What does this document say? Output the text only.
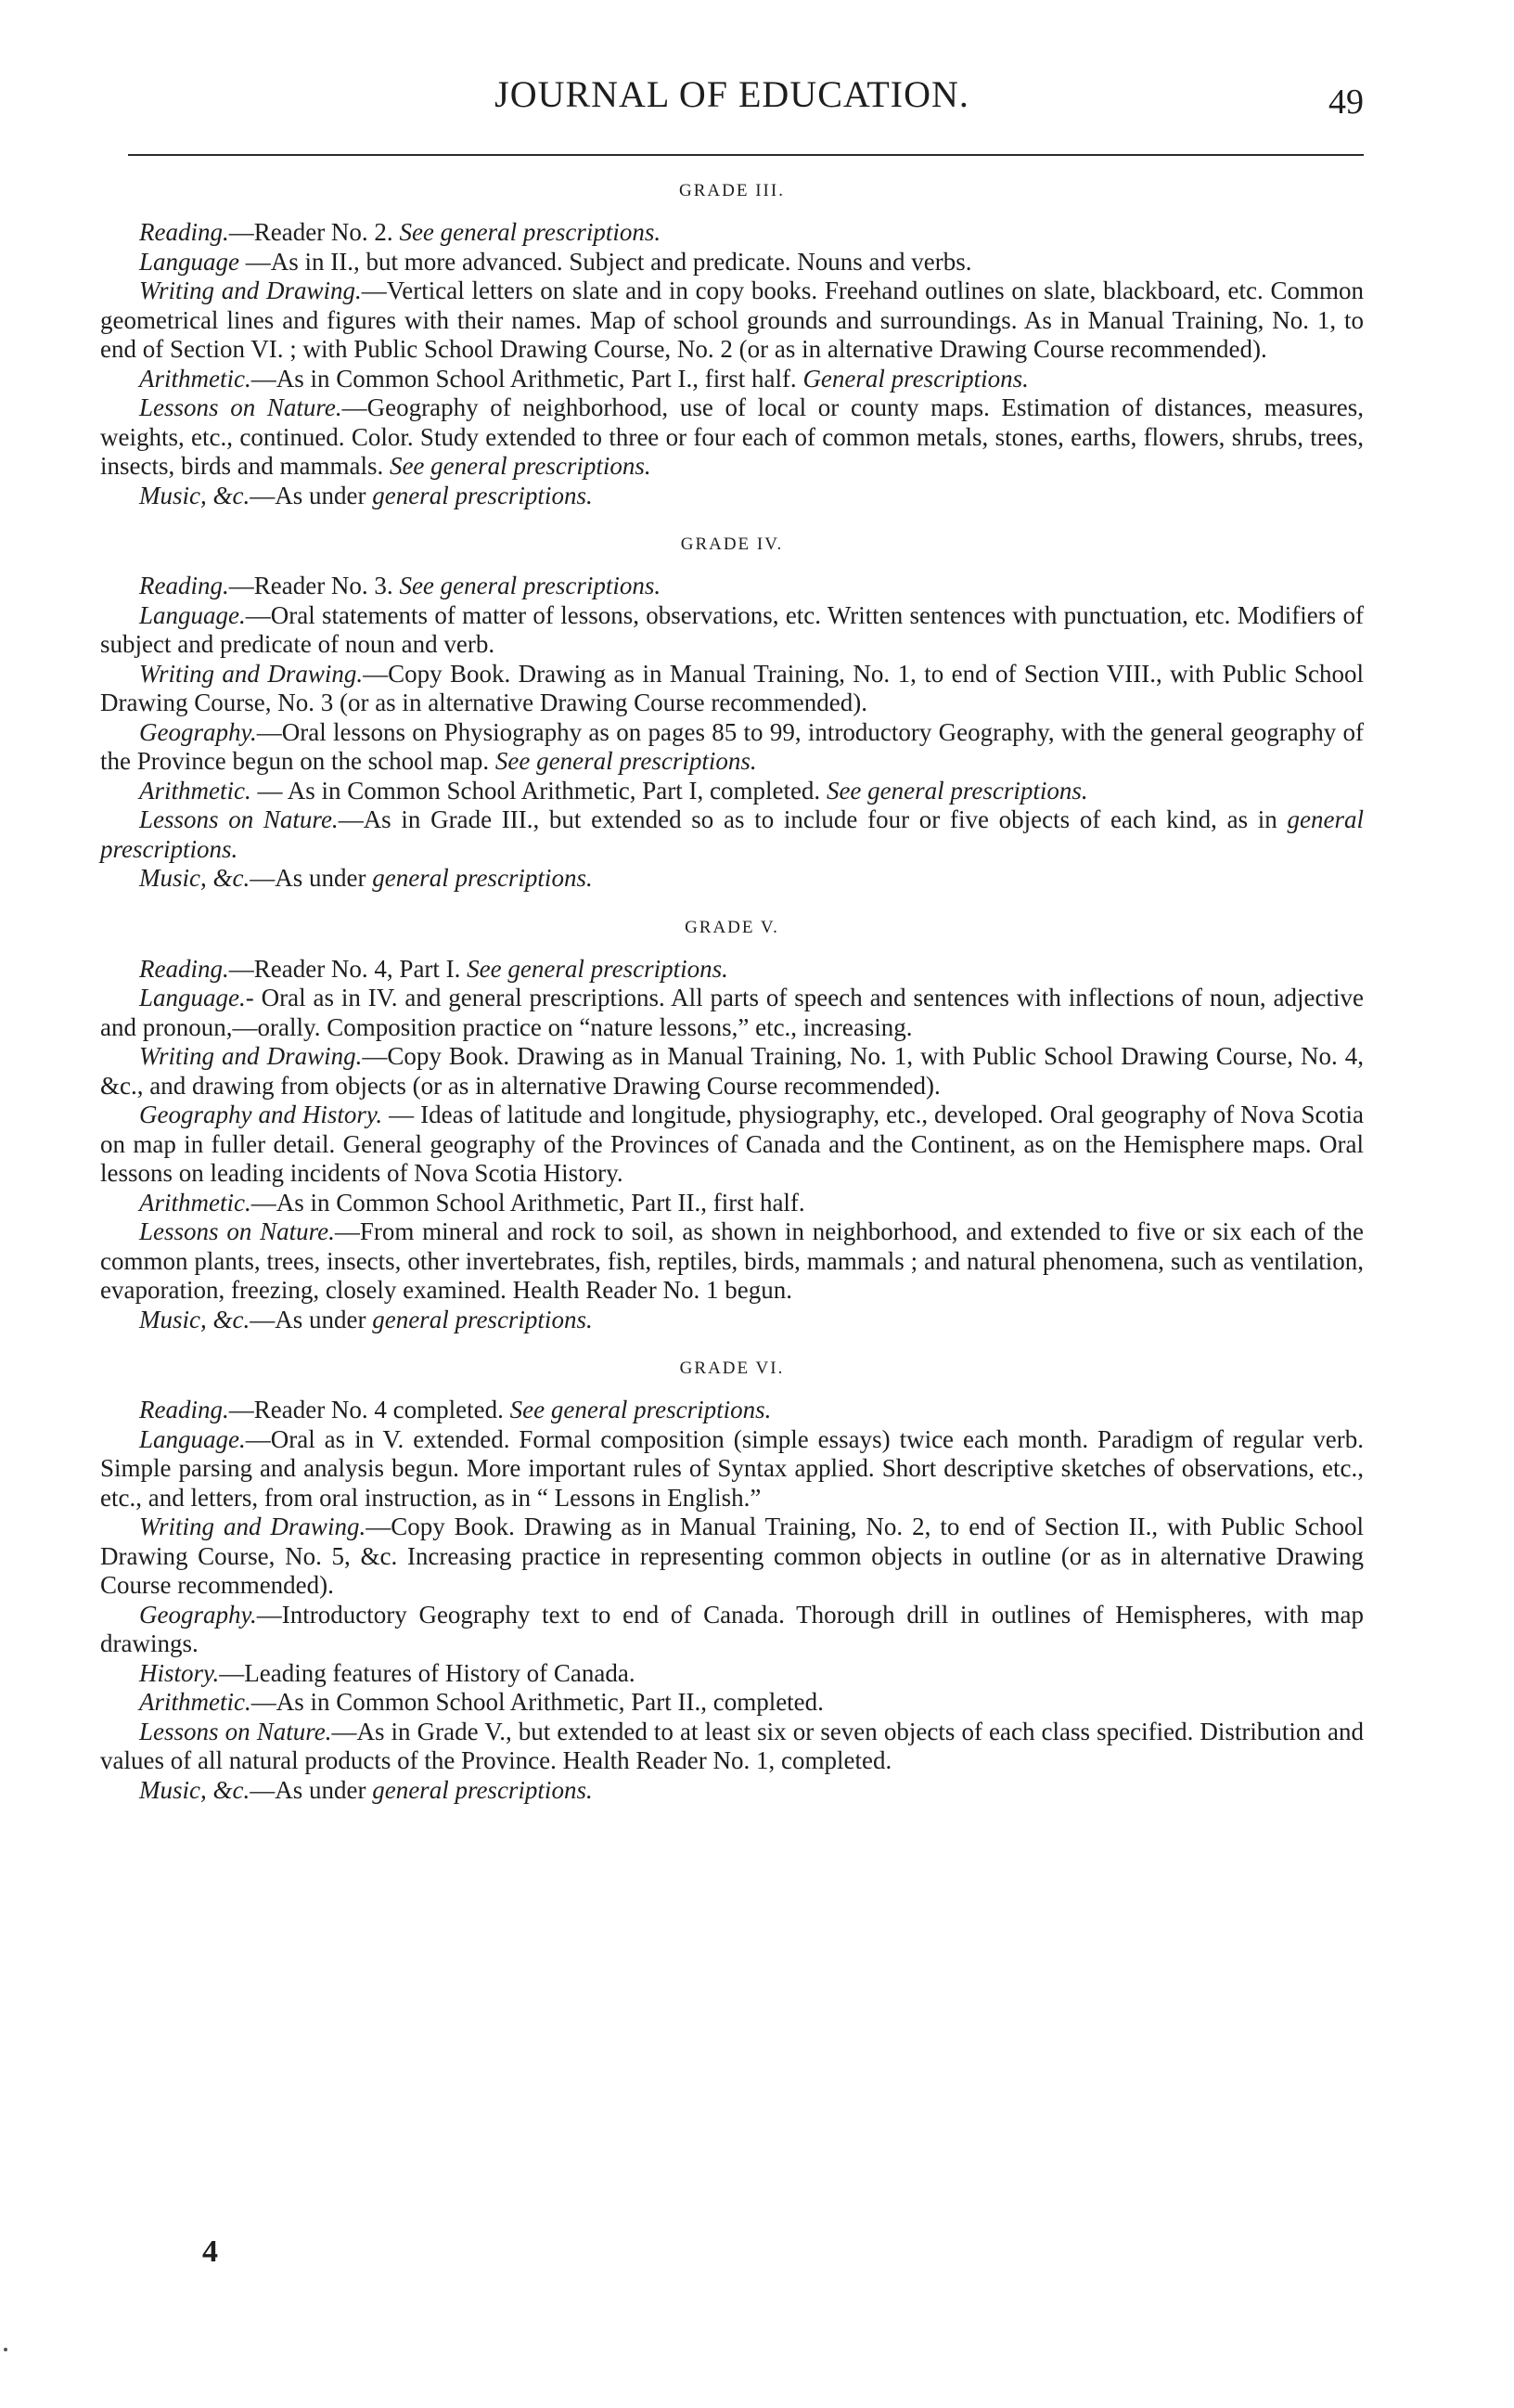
JOURNAL OF EDUCATION.	49
GRADE III.

Reading.—Reader No. 2. See general prescriptions.

Language —As in II., but more advanced. Subject and predicate. Nouns and verbs.

Writing and Drawing.—Vertical letters on slate and in copy books. Freehand outlines on slate, blackboard, etc. Common geometrical lines and figures with their names. Map of school grounds and surroundings. As in Manual Training, No. 1, to end of Section VI. ; with Public School Drawing Course, No. 2 (or as in alternative Drawing Course recommended).

Arithmetic.—As in Common School Arithmetic, Part I., first half. General prescriptions.

Lessons on Nature.—Geography of neighborhood, use of local or county maps. Estimation of distances, measures, weights, etc., continued. Color. Study extended to three or four each of common metals, stones, earths, flowers, shrubs, trees, insects, birds and mammals. See general prescriptions.

Music, &c.—As under general prescriptions.

GRADE IV.

Reading.—Reader No. 3. See general prescriptions.

Language.—Oral statements of matter of lessons, observations, etc. Written sentences with punctuation, etc. Modifiers of subject and predicate of noun and verb.

Writing and Drawing.—Copy Book. Drawing as in Manual Training, No. 1, to end of Section VIII., with Public School Drawing Course, No. 3 (or as in alternative Drawing Course recommended).

Geography.—Oral lessons on Physiography as on pages 85 to 99, introductory Geography, with the general geography of the Province begun on the school map. See general prescriptions.

Arithmetic. — As in Common School Arithmetic, Part I, completed. See general prescriptions.

Lessons on Nature.—As in Grade III., but extended so as to include four or five objects of each kind, as in general prescriptions.

Music, &c.—As under general prescriptions.

GRADE V.

Reading.—Reader No. 4, Part I. See general prescriptions.

Language.- Oral as in IV. and general prescriptions. All parts of speech and sentences with inflections of noun, adjective and pronoun,—orally. Composition practice on “nature lessons,” etc., increasing.

Writing and Drawing.—Copy Book. Drawing as in Manual Training, No. 1, with Public School Drawing Course, No. 4, &c., and drawing from objects (or as in alternative Drawing Course recommended).

Geography and History. — Ideas of latitude and longitude, physiography, etc., developed. Oral geography of Nova Scotia on map in fuller detail. General geography of the Provinces of Canada and the Continent, as on the Hemisphere maps. Oral lessons on leading incidents of Nova Scotia History.

Arithmetic.—As in Common School Arithmetic, Part II., first half.

Lessons on Nature.—From mineral and rock to soil, as shown in neighborhood, and extended to five or six each of the common plants, trees, insects, other invertebrates, fish, reptiles, birds, mammals ; and natural phenomena, such as ventilation, evaporation, freezing, closely examined. Health Reader No. 1 begun.

Music, &c.—As under general prescriptions.

GRADE VI.

Reading.—Reader No. 4 completed. See general prescriptions.

Language.—Oral as in V. extended. Formal composition (simple essays) twice each month. Paradigm of regular verb. Simple parsing and analysis begun. More important rules of Syntax applied. Short descriptive sketches of observations, etc., etc., and letters, from oral instruction, as in “ Lessons in English.”

Writing and Drawing.—Copy Book. Drawing as in Manual Training, No. 2, to end of Section II., with Public School Drawing Course, No. 5, &c. Increasing practice in representing common objects in outline (or as in alternative Drawing Course recommended).

Geography.—Introductory Geography text to end of Canada. Thorough drill in outlines of Hemispheres, with map drawings.

History.—Leading features of History of Canada.

Arithmetic.—As in Common School Arithmetic, Part II., completed.

Lessons on Nature.—As in Grade V., but extended to at least six or seven objects of each class specified. Distribution and values of all natural products of the Province. Health Reader No. 1, completed.

Music, &c.—As under general prescriptions.

4
